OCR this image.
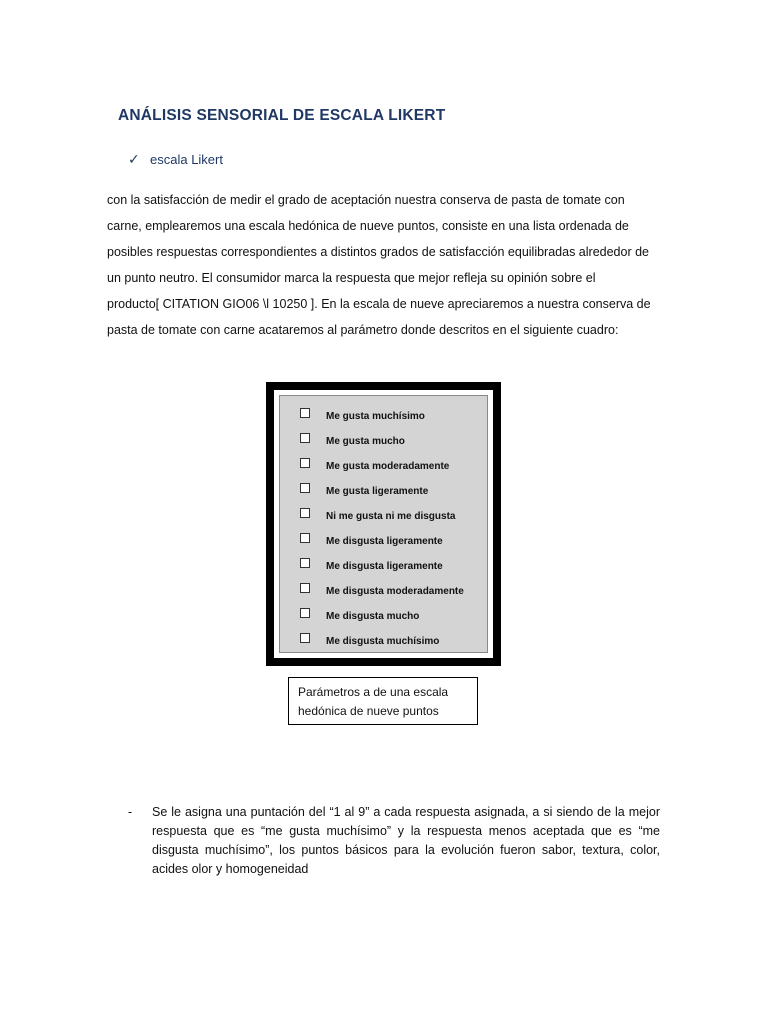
ANÁLISIS SENSORIAL DE ESCALA LIKERT
✓ escala Likert
con la satisfacción de medir el grado de aceptación nuestra conserva de pasta de tomate con
carne, emplearemos una escala hedónica de nueve puntos, consiste en una lista ordenada de
posibles respuestas correspondientes a distintos grados de satisfacción equilibradas alrededor de
un punto neutro. El consumidor marca la respuesta que mejor refleja su opinión sobre el
producto[ CITATION GIO06 \l 10250 ]. En la escala de nueve apreciaremos a nuestra conserva de
pasta de tomate con carne acataremos al parámetro donde descritos en el siguiente cuadro:
Me gusta muchísimo
Me gusta mucho
Me gusta moderadamente
Me gusta ligeramente
Ni me gusta ni me disgusta
Me disgusta ligeramente
Me disgusta ligeramente
Me disgusta moderadamente
Me disgusta mucho
Me disgusta muchísimo
Parámetros a de una escala
hedónica de nueve puntos
- Se le asigna una puntación del “1 al 9” a cada respuesta asignada, a si siendo de la mejor
respuesta que es “me gusta muchísimo” y la respuesta menos aceptada que es “me
disgusta muchísimo”, los puntos básicos para la evolución fueron sabor, textura, color,
acides olor y homogeneidad
